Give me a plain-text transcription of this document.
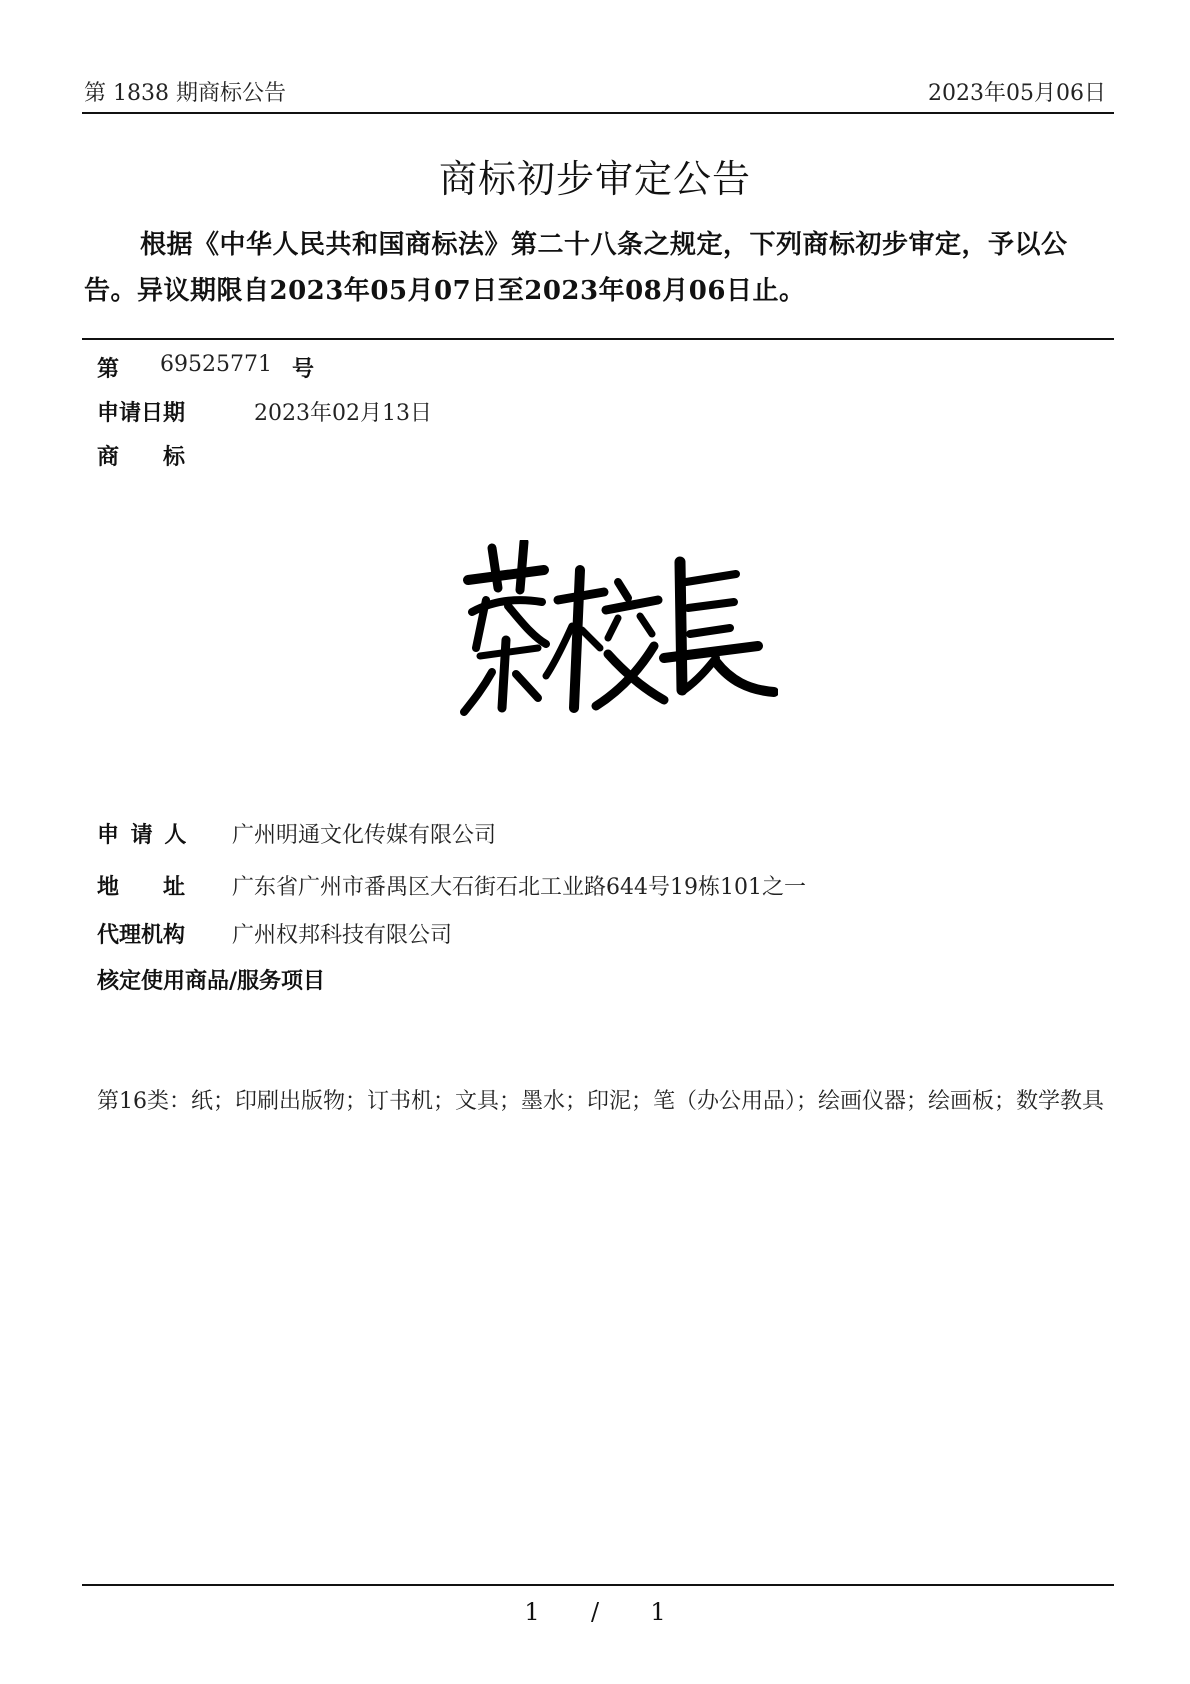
第 1838 期商标公告	2023年05月06日
商标初步审定公告
根据《中华人民共和国商标法》第二十八条之规定，下列商标初步审定，予以公告。异议期限自2023年05月07日至2023年08月06日止。
第 69525771 号
申请日期	2023年02月13日
商　　标
申 请 人 广州明通文化传媒有限公司
地　　址 广东省广州市番禺区大石街石北工业路644号19栋101之一
代理机构 广州权邦科技有限公司
核定使用商品/服务项目
第16类：纸；印刷出版物；订书机；文具；墨水；印泥；笔（办公用品）；绘画仪器；绘画板；数学教具
1 / 1
